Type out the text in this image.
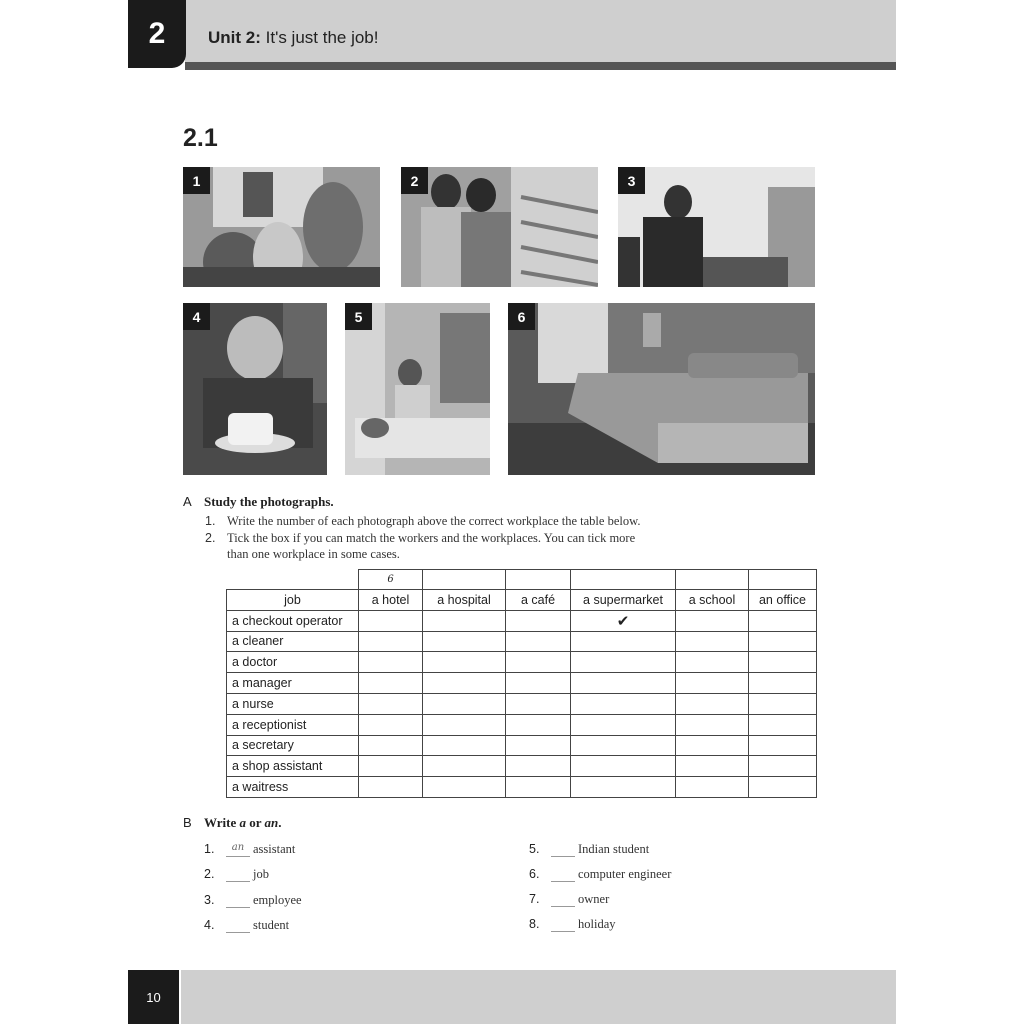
2	Unit 2: It's just the job!
2.1
1	2	3
4	5	6
A Study the photographs.
1. Write the number of each photograph above the correct workplace the table below.
2. Tick the box if you can match the workers and the workplaces. You can tick more
than one workplace in some cases.
	6					
job	a hotel	a hospital	a café	a supermarket	a school	an office
a checkout operator				✔		
a cleaner						
a doctor						
a manager						
a nurse						
a receptionist						
a secretary						
a shop assistant						
a waitress						
B Write a or an.
1.	an assistant
2.	job
3.	employee
4.	student
5.	Indian student
6.	computer engineer
7.	owner
8.	holiday
10
